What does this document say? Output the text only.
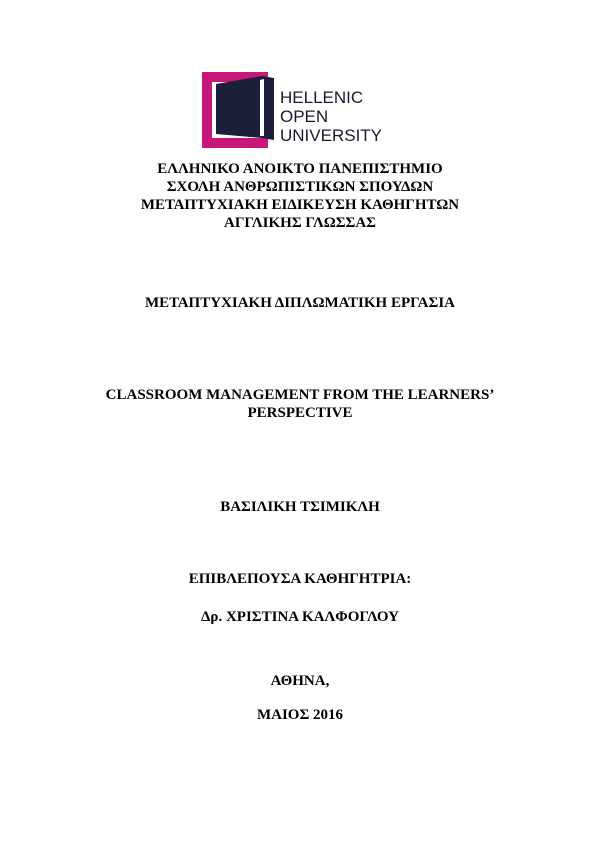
HELLENIC
OPEN
UNIVERSITY
ΕΛΛΗΝΙΚΟ ΑΝΟΙΚΤΟ ΠΑΝΕΠΙΣΤΗΜΙΟ
ΣΧΟΛΗ ΑΝΘΡΩΠΙΣΤΙΚΩΝ ΣΠΟΥΔΩΝ
ΜΕΤΑΠΤΥΧΙΑΚΗ ΕΙΔΙΚΕΥΣΗ ΚΑΘΗΓΗΤΩΝ
ΑΓΓΛΙΚΗΣ ΓΛΩΣΣΑΣ
ΜΕΤΑΠΤΥΧΙΑΚΗ ΔΙΠΛΩΜΑΤΙΚΗ ΕΡΓΑΣΙΑ
CLASSROOM MANAGEMENT FROM THE LEARNERS’
PERSPECTIVE
ΒΑΣΙΛΙΚΗ ΤΣΙΜΙΚΛΗ
ΕΠΙΒΛΕΠΟΥΣΑ ΚΑΘΗΓΗΤΡΙΑ:
Δρ. ΧΡΙΣΤΙΝΑ ΚΑΛΦΟΓΛΟΥ
ΑΘΗΝΑ,
ΜΑΙΟΣ 2016
